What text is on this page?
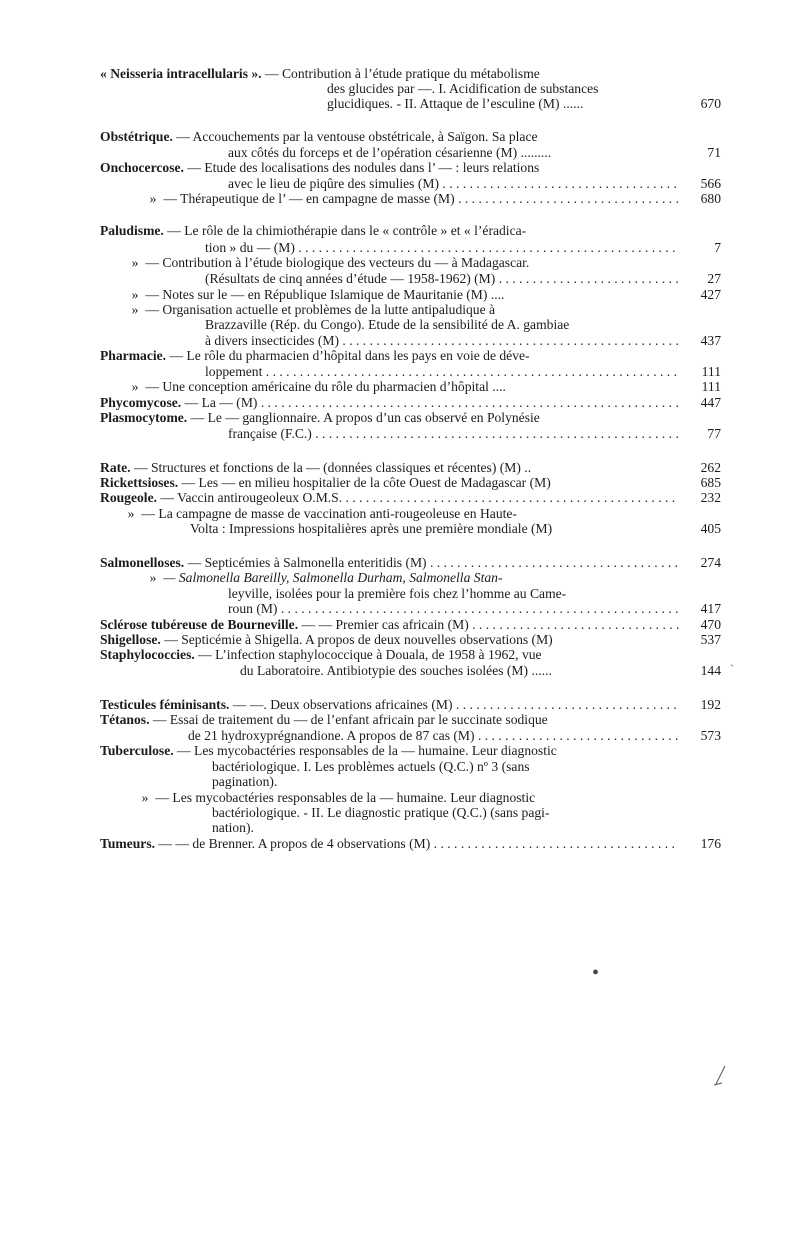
« Neisseria intracellularis ». — Contribution à l’étude pratique du métabolisme
des glucides par —. I. Acidification de substances
glucidiques. - II. Attaque de l’esculine (M) ......	670
Obstétrique. — Accouchements par la ventouse obstétricale, à Saïgon. Sa place
aux côtés du forceps et de l’opération césarienne (M) .........	71
Onchocercose. — Etude des localisations des nodules dans l’ — : leurs relations
avec le lieu de piqûre des simulies (M) . . .	566
» — Thérapeutique de l’ — en campagne de masse (M) . . .	680
Paludisme. — Le rôle de la chimiothérapie dans le « contrôle » et « l’éradica-
tion » du — (M) . . .	7
» — Contribution à l’étude biologique des vecteurs du — à Madagascar.
(Résultats de cinq années d’étude — 1958-1962) (M) . . .	27
» — Notes sur le — en République Islamique de Mauritanie (M) ....	427
» — Organisation actuelle et problèmes de la lutte antipaludique à
Brazzaville (Rép. du Congo). Etude de la sensibilité de A. gambiae
à divers insecticides (M) . . .	437
Pharmacie. — Le rôle du pharmacien d’hôpital dans les pays en voie de déve-
loppement . . .	111
» — Une conception américaine du rôle du pharmacien d’hôpital ....	111
Phycomycose. — La — (M) . . .	447
Plasmocytome. — Le — ganglionnaire. A propos d’un cas observé en Polynésie
française (F.C.) . . .	77
Rate. — Structures et fonctions de la — (données classiques et récentes) (M) ..	262
Rickettsioses. — Les — en milieu hospitalier de la côte Ouest de Madagascar (M)	685
Rougeole. — Vaccin antirougeoleux O.M.S. . . .	232
» — La campagne de masse de vaccination anti-rougeoleuse en Haute-
Volta : Impressions hospitalières après une première mondiale (M)	405
Salmonelloses. — Septicémies à Salmonella enteritidis (M) . . .	274
» — Salmonella Bareilly, Salmonella Durham, Salmonella Stan-
leyville, isolées pour la première fois chez l’homme au Came-
roun (M) . . .	417
Sclérose tubéreuse de Bourneville. — — Premier cas africain (M) . . .	470
Shigellose. — Septicémie à Shigella. A propos de deux nouvelles observations (M)	537
Staphylococcies. — L’infection staphylococcique à Douala, de 1958 à 1962, vue
du Laboratoire. Antibiotypie des souches isolées (M) ......	144
Testicules féminisants. — —. Deux observations africaines (M) . . .	192
Tétanos. — Essai de traitement du — de l’enfant africain par le succinate sodique
de 21 hydroxyprégnandione. A propos de 87 cas (M) . . .	573
Tuberculose. — Les mycobactéries responsables de la — humaine. Leur diagnostic
bactériologique. I. Les problèmes actuels (Q.C.) nº 3 (sans
pagination).
» — Les mycobactéries responsables de la — humaine. Leur diagnostic
bactériologique. - II. Le diagnostic pratique (Q.C.) (sans pagi-
nation).
Tumeurs. — — de Brenner. A propos de 4 observations (M) . . .	176
ˋ
•
